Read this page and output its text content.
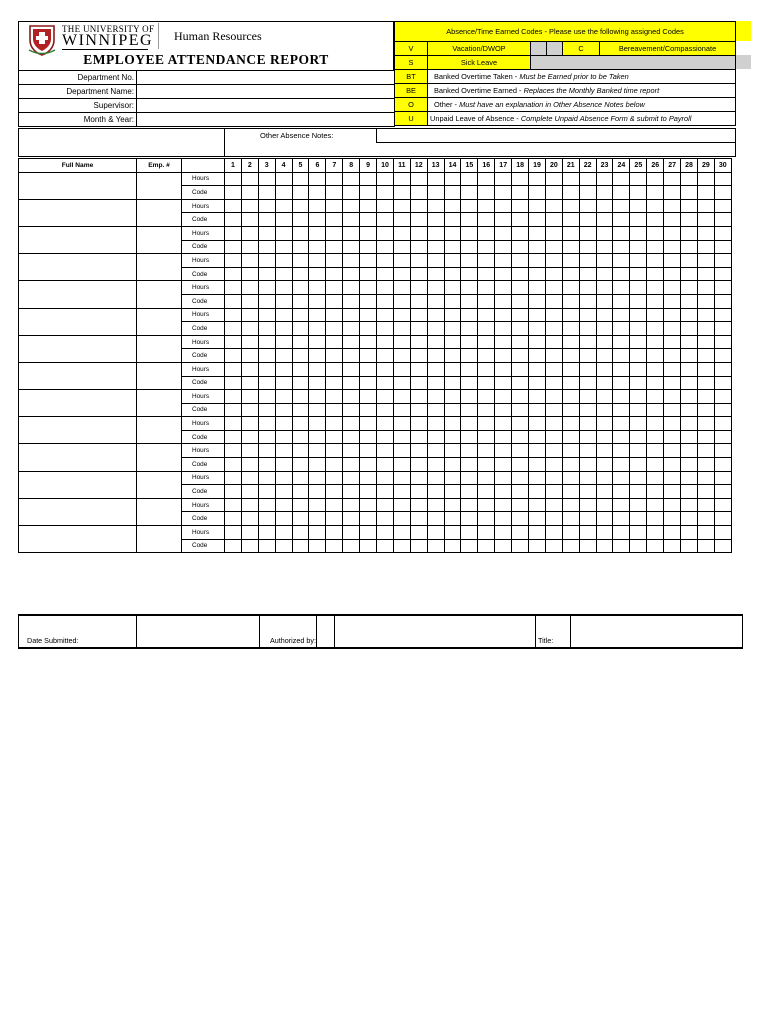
THE UNIVERSITY OF
WINNIPEG Human Resources
EMPLOYEE ATTENDANCE REPORT
Absence/Time Earned Codes - Please use the following assigned Codes					
V	Vacation/DWOP			C	Bereavement/Compassionate
S	Sick Leave				
BT	Banked Overtime Taken - Must be Earned prior to be Taken				
BE	Banked Overtime Earned - Replaces the Monthly Banked time report				
O	Other - Must have an explanation in Other Absence Notes below				
U	Unpaid Leave of Absence - Complete Unpaid Absence Form & submit to Payroll				
Department No.	
Department Name:	
Supervisor:	
Month & Year:	
Other Absence Notes:
Full Name	Emp. #		1	2	3	4	5	6	7	8	9	10	11	12	13	14	15	16	17	18	19	20	21	22	23	24	25	26	27	28	29	30
		Hours																														
		Code																														
		Hours																														
		Code																														
		Hours																														
		Code																														
		Hours																														
		Code																														
		Hours																														
		Code																														
		Hours																														
		Code																														
		Hours																														
		Code																														
		Hours																														
		Code																														
		Hours																														
		Code																														
		Hours																														
		Code																														
		Hours																														
		Code																														
		Hours																														
		Code																														
		Hours																														
		Code																														
		Hours																														
		Code																														
Date Submitted:		Authorized by:			Title:	
